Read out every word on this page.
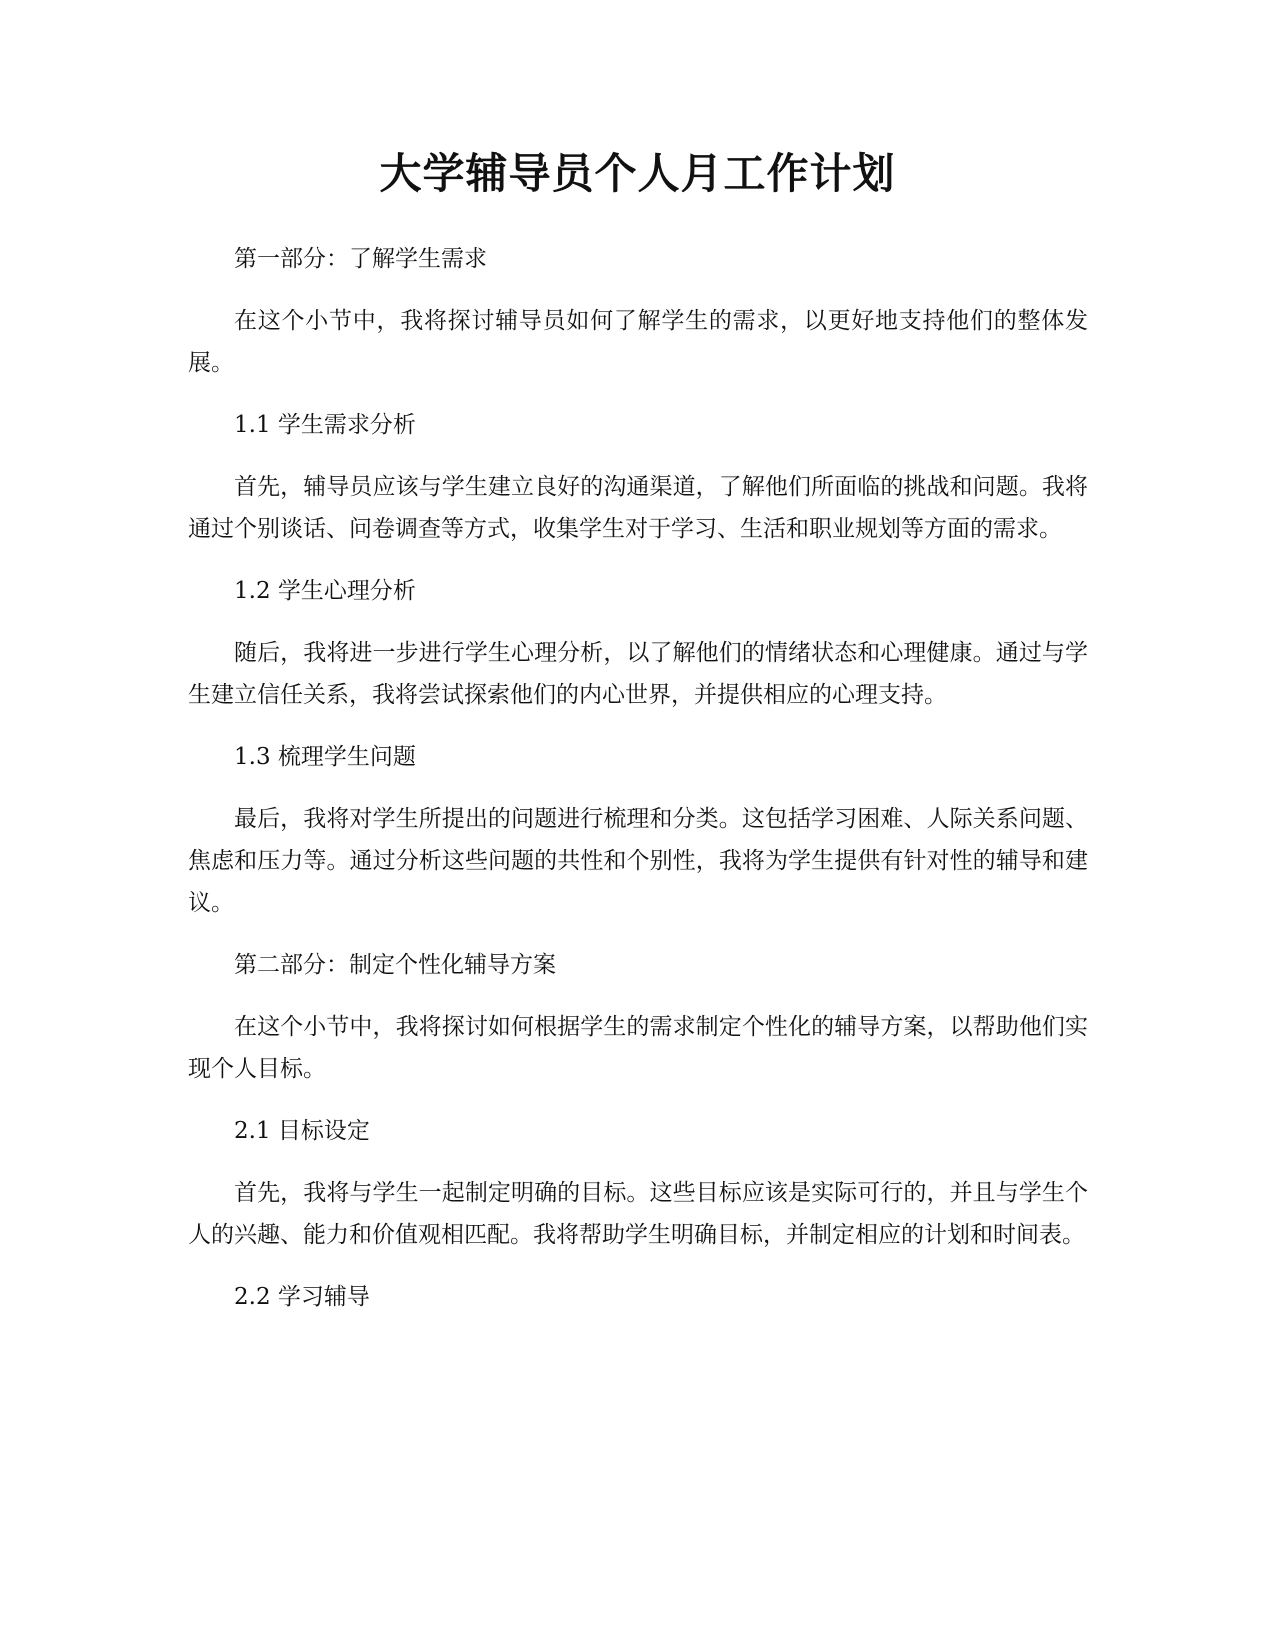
大学辅导员个人月工作计划

第一部分：了解学生需求

在这个小节中，我将探讨辅导员如何了解学生的需求，以更好地支持他们的整体发展。

1.1 学生需求分析

首先，辅导员应该与学生建立良好的沟通渠道，了解他们所面临的挑战和问题。我将通过个别谈话、问卷调查等方式，收集学生对于学习、生活和职业规划等方面的需求。

1.2 学生心理分析

随后，我将进一步进行学生心理分析，以了解他们的情绪状态和心理健康。通过与学生建立信任关系，我将尝试探索他们的内心世界，并提供相应的心理支持。

1.3 梳理学生问题

最后，我将对学生所提出的问题进行梳理和分类。这包括学习困难、人际关系问题、焦虑和压力等。通过分析这些问题的共性和个别性，我将为学生提供有针对性的辅导和建议。

第二部分：制定个性化辅导方案

在这个小节中，我将探讨如何根据学生的需求制定个性化的辅导方案，以帮助他们实现个人目标。

2.1 目标设定

首先，我将与学生一起制定明确的目标。这些目标应该是实际可行的，并且与学生个人的兴趣、能力和价值观相匹配。我将帮助学生明确目标，并制定相应的计划和时间表。

2.2 学习辅导
